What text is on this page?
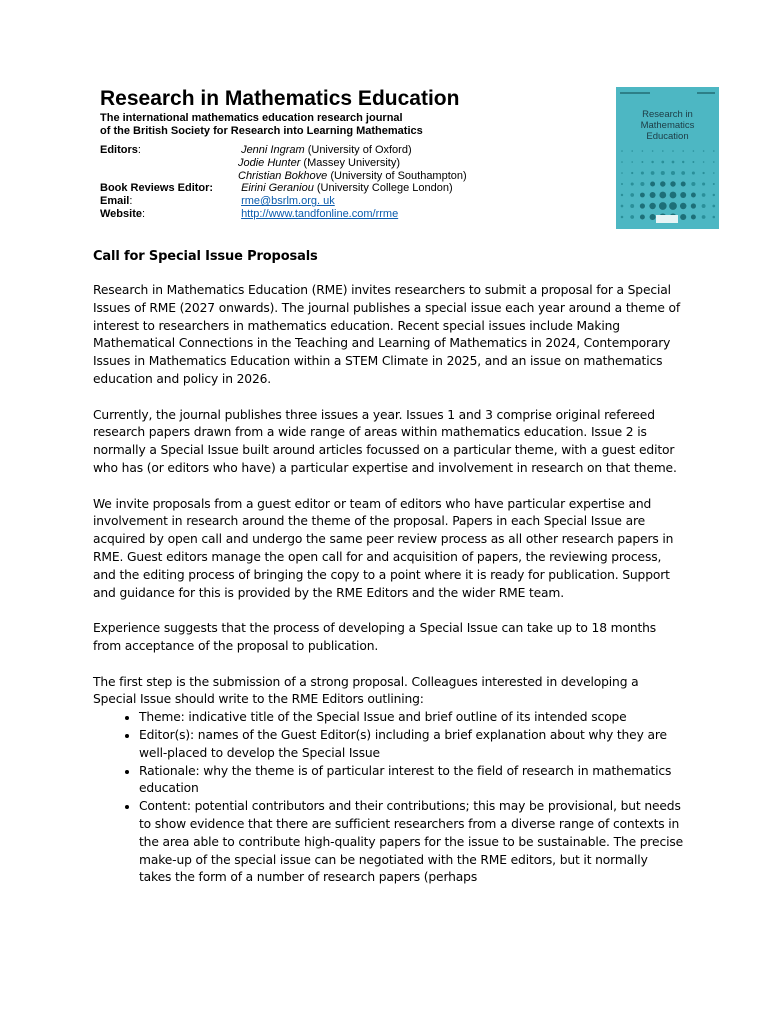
Research in Mathematics Education
The international mathematics education research journal
of the British Society for Research into Learning Mathematics
Editors:	Jenni Ingram (University of Oxford)
Jodie Hunter (Massey University)
Christian Bokhove (University of Southampton)
Book Reviews Editor:	Eirini Geraniou (University College London)
Email:	rme@bsrlm.org. uk
Website:	http://www.tandfonline.com/rrme
Research in
Mathematics
Education
Call for Special Issue Proposals

Research in Mathematics Education (RME) invites researchers to submit a proposal for a Special Issues of RME (2027 onwards). The journal publishes a special issue each year around a theme of interest to researchers in mathematics education. Recent special issues include Making Mathematical Connections in the Teaching and Learning of Mathematics in 2024, Contemporary Issues in Mathematics Education within a STEM Climate in 2025, and an issue on mathematics education and policy in 2026.

Currently, the journal publishes three issues a year. Issues 1 and 3 comprise original refereed research papers drawn from a wide range of areas within mathematics education. Issue 2 is normally a Special Issue built around articles focussed on a particular theme, with a guest editor who has (or editors who have) a particular expertise and involvement in research on that theme.

We invite proposals from a guest editor or team of editors who have particular expertise and involvement in research around the theme of the proposal. Papers in each Special Issue are acquired by open call and undergo the same peer review process as all other research papers in RME. Guest editors manage the open call for and acquisition of papers, the reviewing process, and the editing process of bringing the copy to a point where it is ready for publication. Support and guidance for this is provided by the RME Editors and the wider RME team.

Experience suggests that the process of developing a Special Issue can take up to 18 months from acceptance of the proposal to publication.

The first step is the submission of a strong proposal. Colleagues interested in developing a Special Issue should write to the RME Editors outlining:

• Theme: indicative title of the Special Issue and brief outline of its intended scope
• Editor(s): names of the Guest Editor(s) including a brief explanation about why they are well-placed to develop the Special Issue
• Rationale: why the theme is of particular interest to the field of research in mathematics education
• Content: potential contributors and their contributions; this may be provisional, but needs to show evidence that there are sufficient researchers from a diverse range of contexts in the area able to contribute high-quality papers for the issue to be sustainable. The precise make-up of the special issue can be negotiated with the RME editors, but it normally takes the form of a number of research papers (perhaps
